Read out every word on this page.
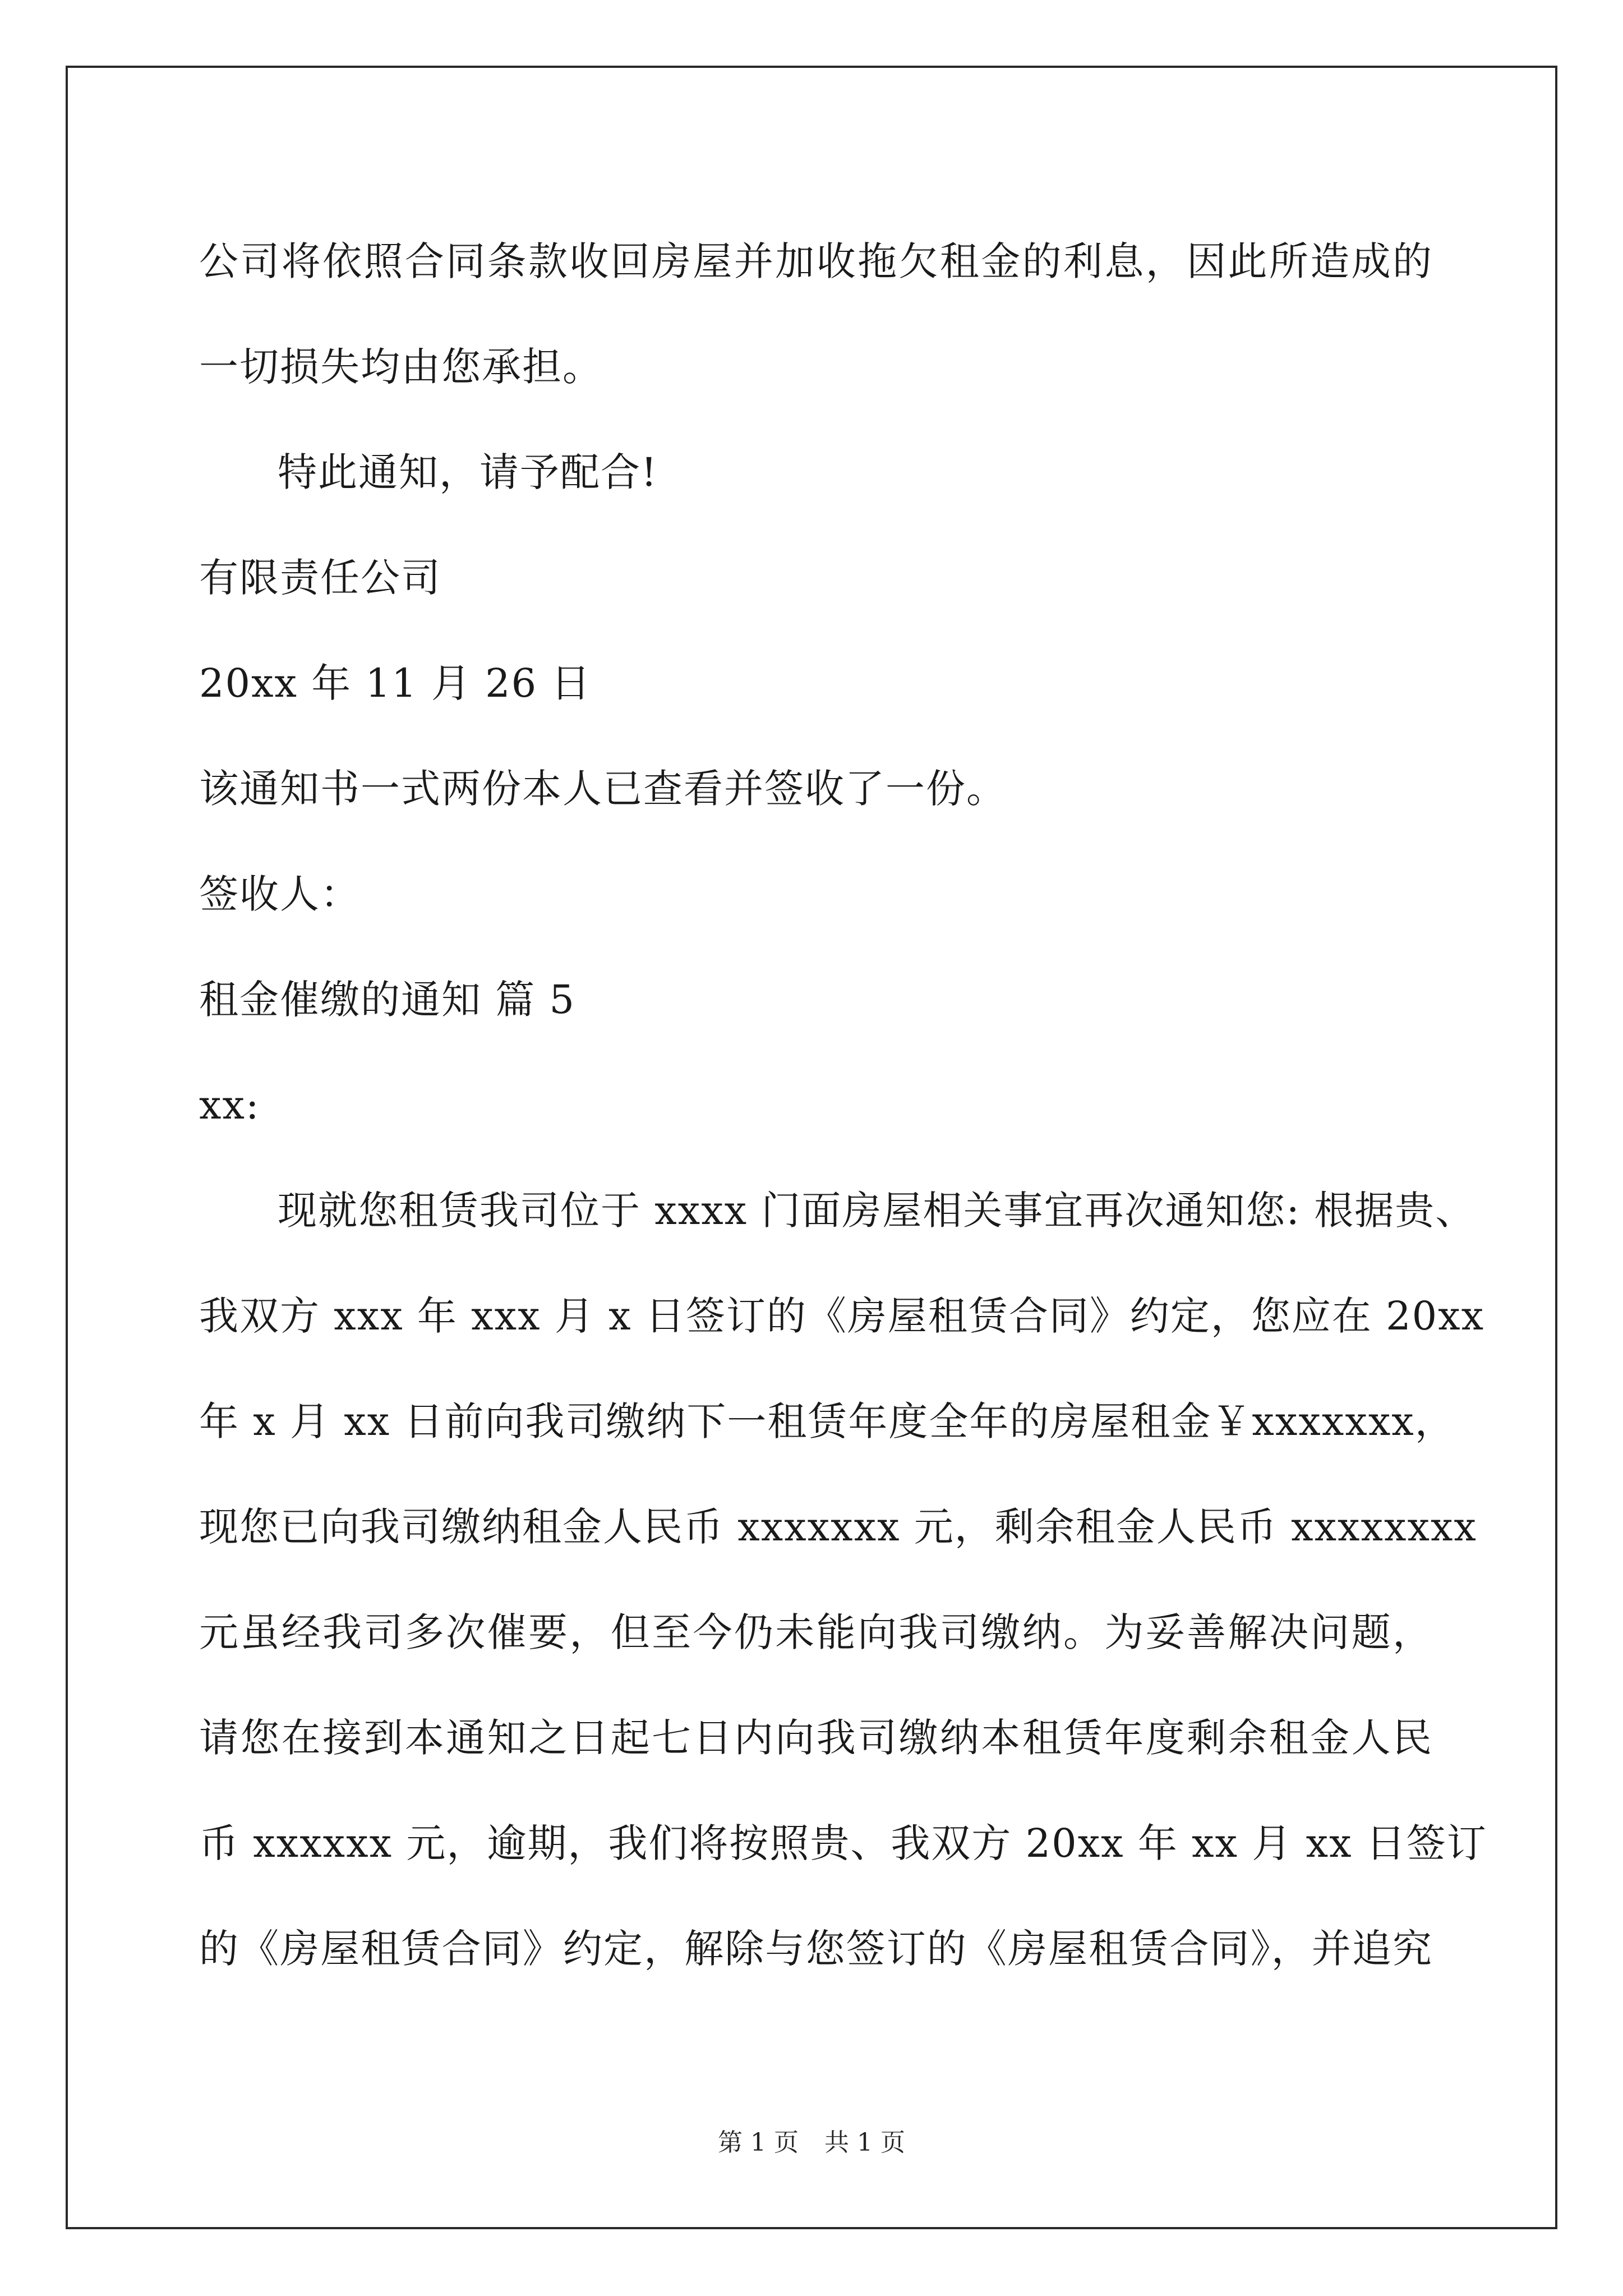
公司将依照合同条款收回房屋并加收拖欠租金的利息，因此所造成的
一切损失均由您承担。
特此通知，请予配合!
有限责任公司
20xx 年 11 月 26 日
该通知书一式两份本人已查看并签收了一份。
签收人：
租金催缴的通知 篇 5
xx:
现就您租赁我司位于 xxxx 门面房屋相关事宜再次通知您: 根据贵、
我双方 xxx 年 xxx 月 x 日签订的《房屋租赁合同》约定，您应在 20xx
年 x 月 xx 日前向我司缴纳下一租赁年度全年的房屋租金￥xxxxxxx，
现您已向我司缴纳租金人民币 xxxxxxx 元，剩余租金人民币 xxxxxxxx
元虽经我司多次催要，但至今仍未能向我司缴纳。为妥善解决问题，
请您在接到本通知之日起七日内向我司缴纳本租赁年度剩余租金人民
币 xxxxxx 元，逾期，我们将按照贵、我双方 20xx 年 xx 月 xx 日签订
的《房屋租赁合同》约定，解除与您签订的《房屋租赁合同》，并追究
第 1 页 共 1 页
